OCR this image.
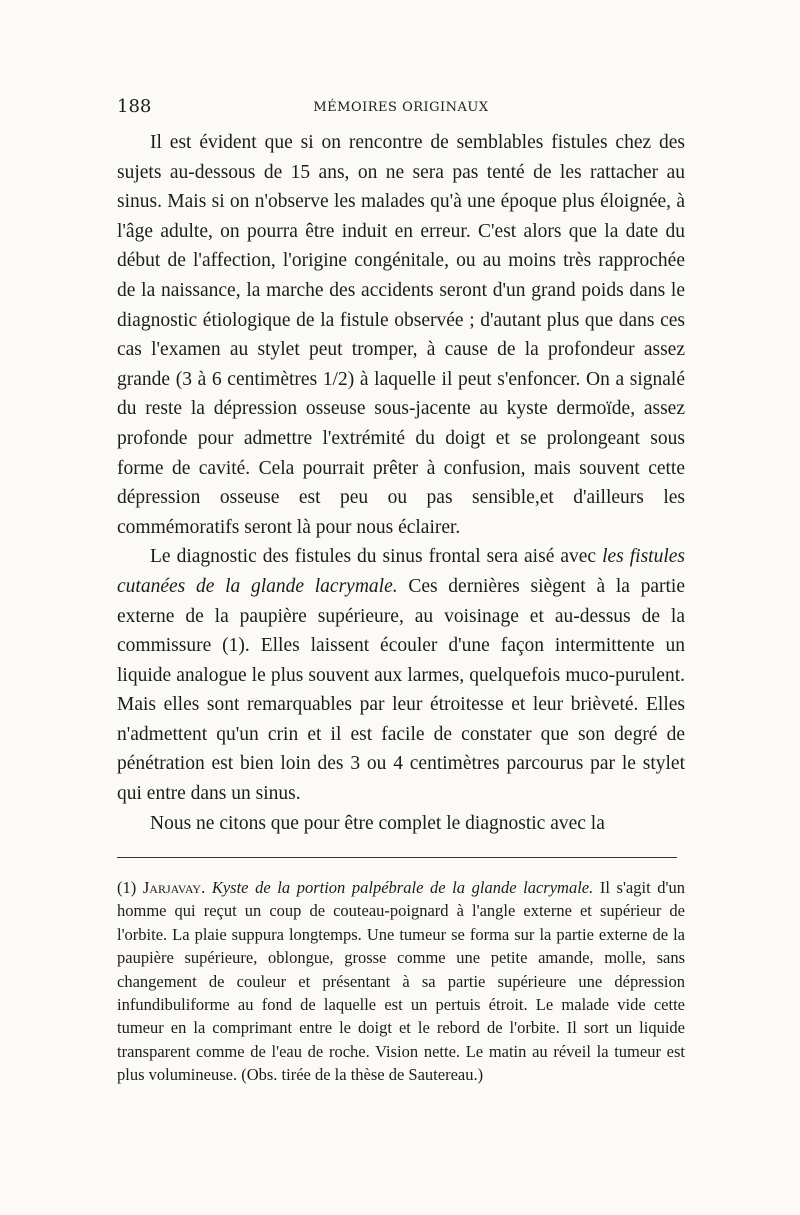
188	MÉMOIRES ORIGINAUX

Il est évident que si on rencontre de semblables fistules chez des sujets au-dessous de 15 ans, on ne sera pas tenté de les rattacher au sinus. Mais si on n'observe les malades qu'à une époque plus éloignée, à l'âge adulte, on pourra être induit en erreur. C'est alors que la date du début de l'affection, l'origine congénitale, ou au moins très rapprochée de la naissance, la marche des accidents seront d'un grand poids dans le diagnostic étiologique de la fistule observée ; d'autant plus que dans ces cas l'examen au stylet peut tromper, à cause de la profondeur assez grande (3 à 6 centimètres 1/2) à laquelle il peut s'enfoncer. On a signalé du reste la dépression osseuse sous-jacente au kyste dermoïde, assez profonde pour admettre l'extrémité du doigt et se prolongeant sous forme de cavité. Cela pourrait prêter à confusion, mais souvent cette dépression osseuse est peu ou pas sensible,et d'ailleurs les commémoratifs seront là pour nous éclairer.

Le diagnostic des fistules du sinus frontal sera aisé avec les fistules cutanées de la glande lacrymale. Ces dernières siègent à la partie externe de la paupière supérieure, au voisinage et au-dessus de la commissure (1). Elles laissent écouler d'une façon intermittente un liquide analogue le plus souvent aux larmes, quelquefois muco-purulent. Mais elles sont remarquables par leur étroitesse et leur brièveté. Elles n'admettent qu'un crin et il est facile de constater que son degré de pénétration est bien loin des 3 ou 4 centimètres parcourus par le stylet qui entre dans un sinus.

Nous ne citons que pour être complet le diagnostic avec la

(1) Jarjavay. Kyste de la portion palpébrale de la glande lacrymale. Il s'agit d'un homme qui reçut un coup de couteau-poignard à l'angle externe et supérieur de l'orbite. La plaie suppura longtemps. Une tumeur se forma sur la partie externe de la paupière supérieure, oblongue, grosse comme une petite amande, molle, sans changement de couleur et présentant à sa partie supérieure une dépression infundibuliforme au fond de laquelle est un pertuis étroit. Le malade vide cette tumeur en la comprimant entre le doigt et le rebord de l'orbite. Il sort un liquide transparent comme de l'eau de roche. Vision nette. Le matin au réveil la tumeur est plus volumineuse. (Obs. tirée de la thèse de Sautereau.)
